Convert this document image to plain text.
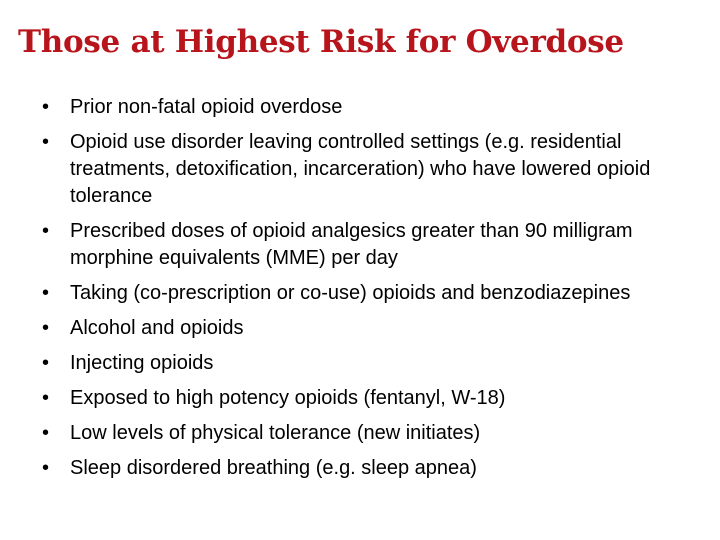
Those at Highest Risk for Overdose
•	Prior non-fatal opioid overdose
•	Opioid use disorder leaving controlled settings (e.g. residential treatments, detoxification, incarceration) who have lowered opioid tolerance
•	Prescribed doses of opioid analgesics greater than 90 milligram morphine equivalents (MME) per day
•	Taking (co-prescription or co-use) opioids and benzodiazepines
•	Alcohol and opioids
•	Injecting opioids
•	Exposed to high potency opioids (fentanyl, W-18)
•	Low levels of physical tolerance (new initiates)
•	Sleep disordered breathing (e.g. sleep apnea)
